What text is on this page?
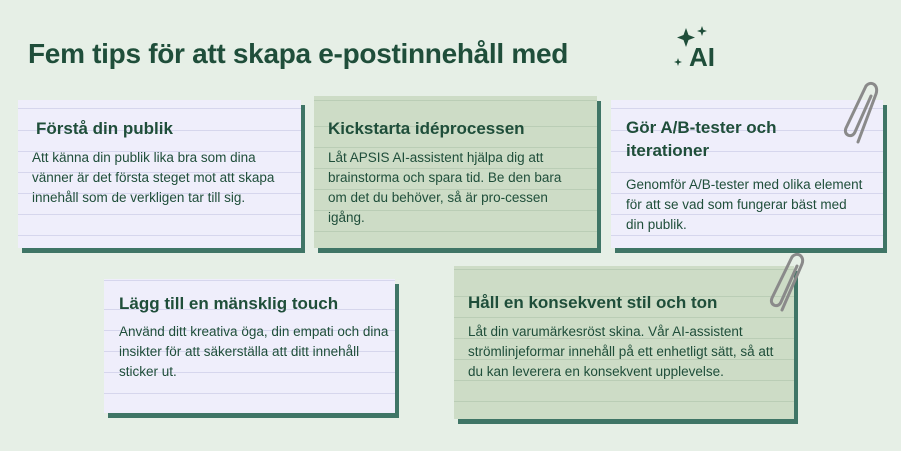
Fem tips för att skapa e-postinnehåll med	AI
Förstå din publik

Att känna din publik lika bra som dina vänner är det första steget mot att skapa innehåll som de verkligen tar till sig.

Kickstarta idéprocessen

Låt APSIS AI-assistent hjälpa dig att brainstorma och spara tid. Be den bara om det du behöver, så är pro-cessen igång.

Gör A/B-tester och iterationer

Genomför A/B-tester med olika element för att se vad som fungerar bäst med din publik.

Lägg till en mänsklig touch

Använd ditt kreativa öga, din empati och dina insikter för att säkerställa att ditt innehåll sticker ut.

Håll en konsekvent stil och ton

Låt din varumärkesröst skina. Vår AI-assistent strömlinjeformar innehåll på ett enhetligt sätt, så att du kan leverera en konsekvent upplevelse.
